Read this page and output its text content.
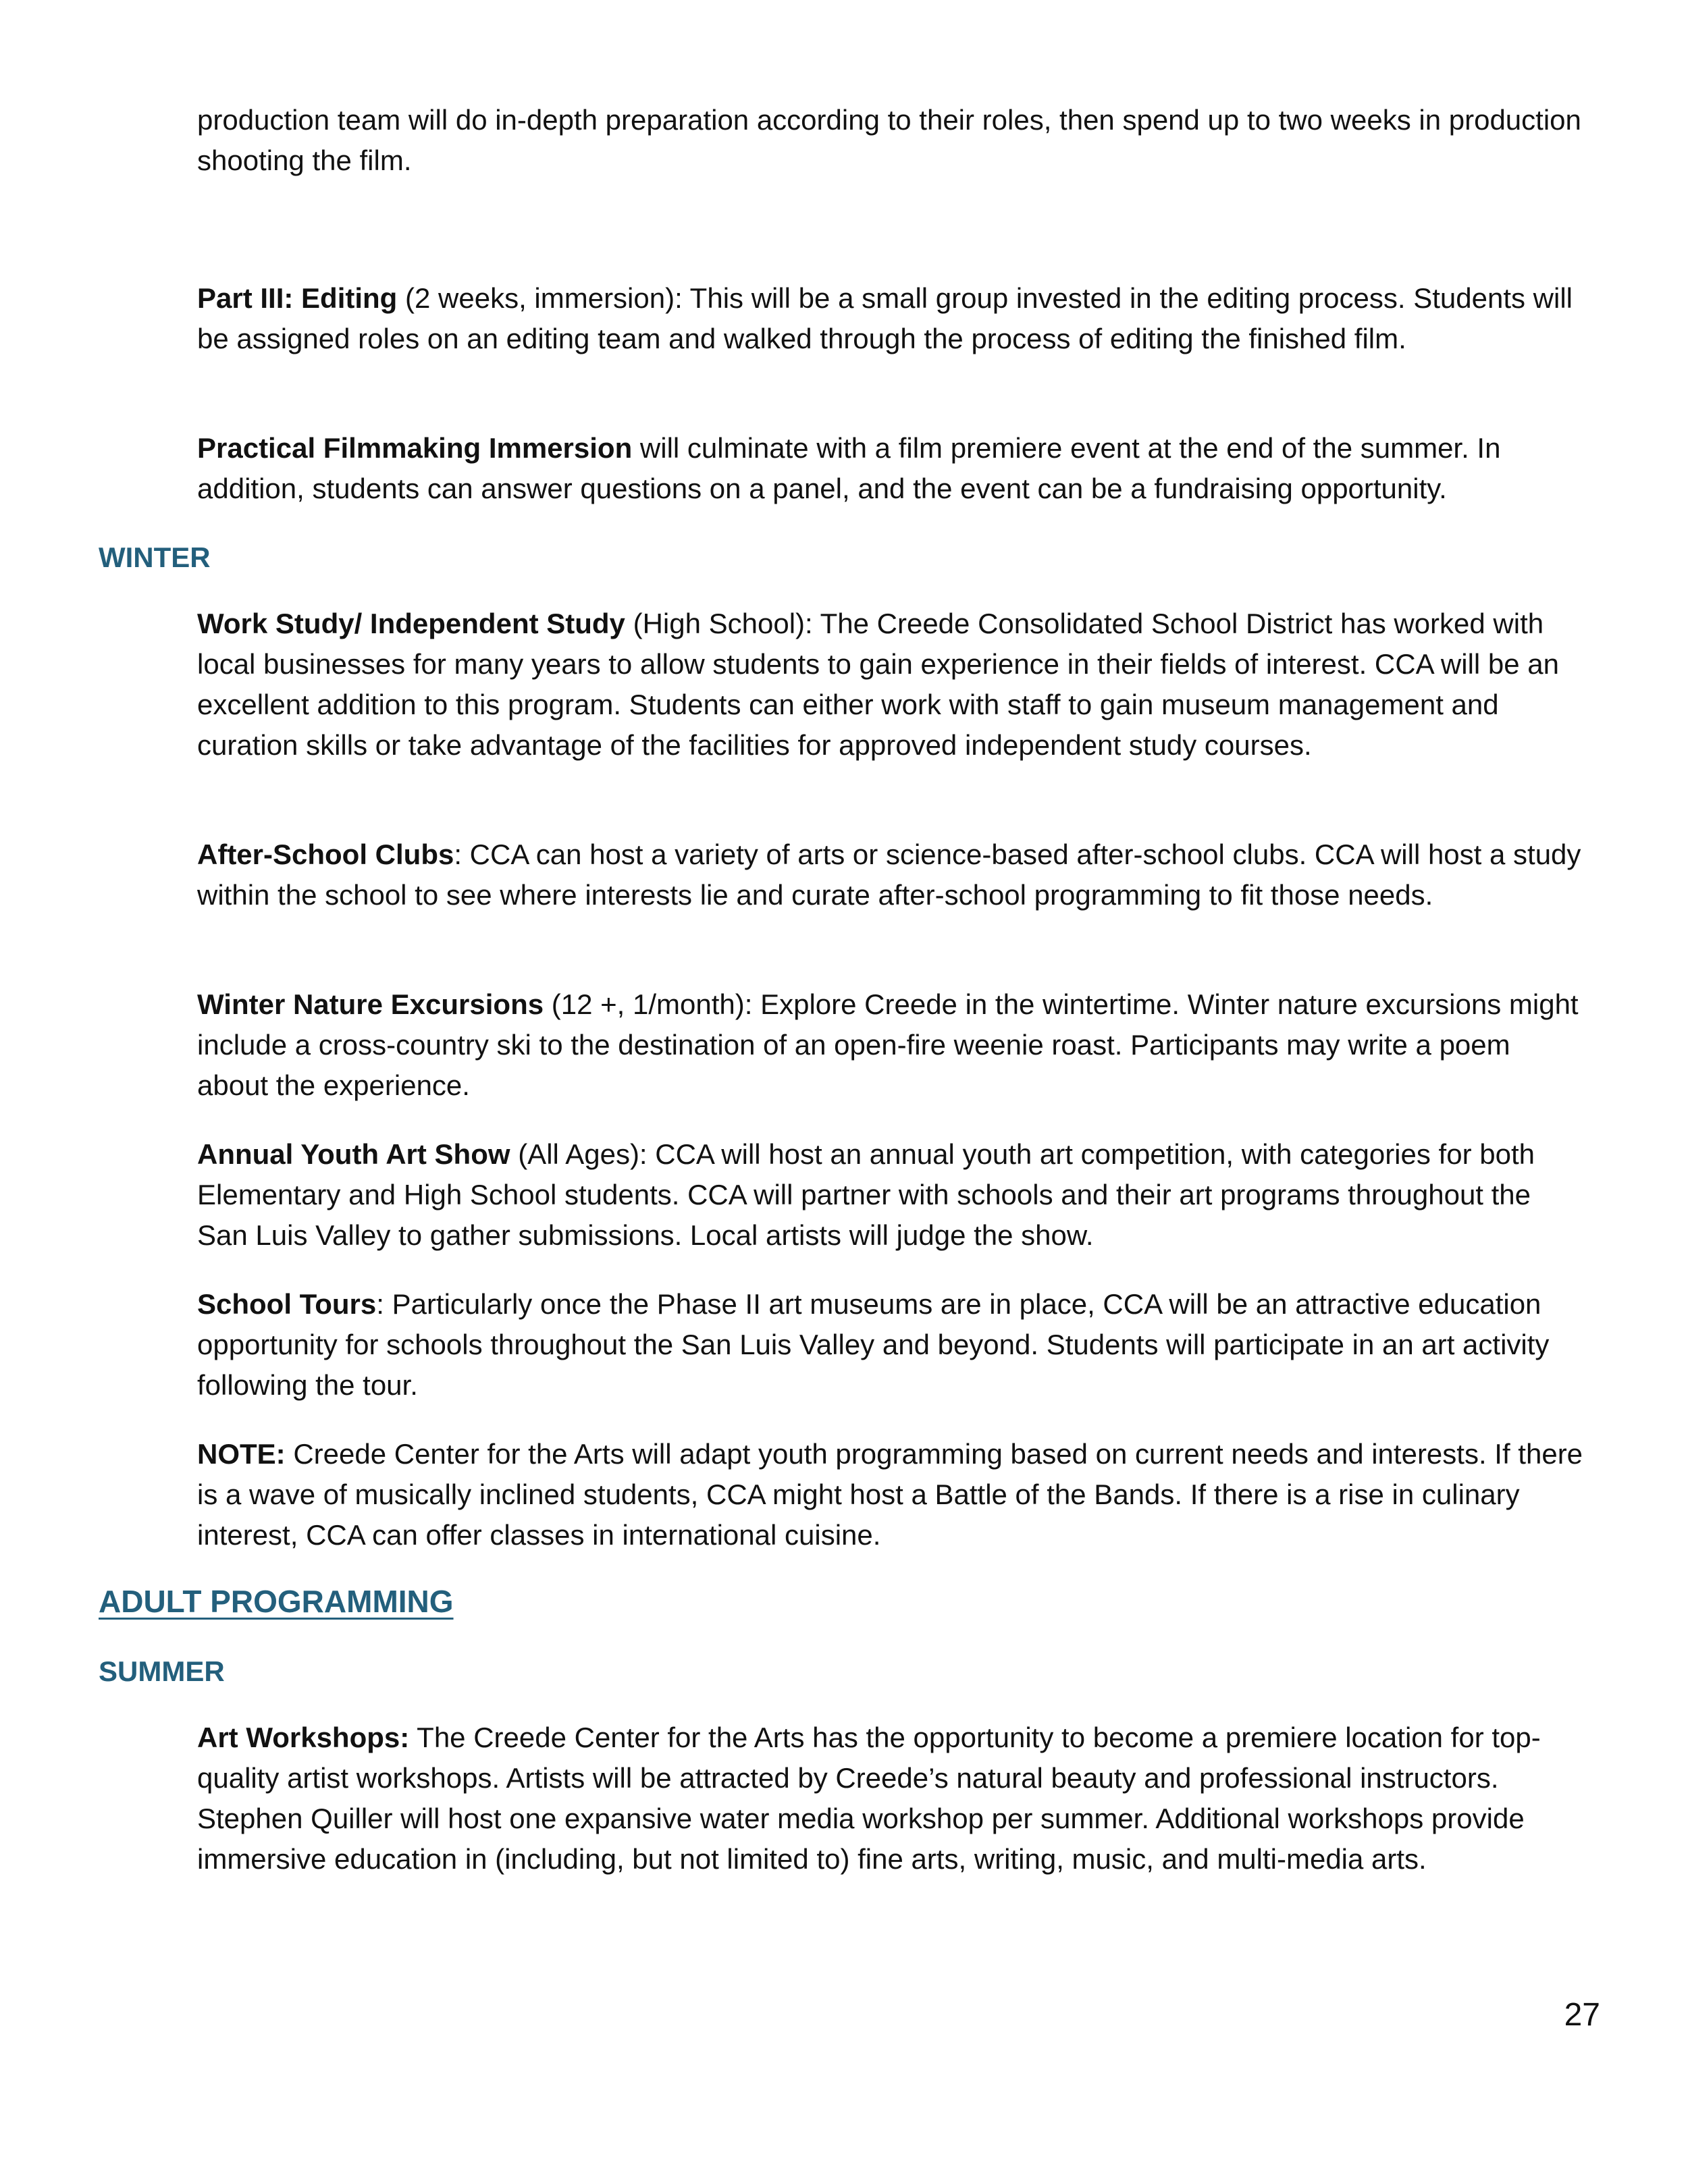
production team will do in-depth preparation according to their roles, then spend up to two weeks in production shooting the film.

Part III: Editing (2 weeks, immersion): This will be a small group invested in the editing process. Students will be assigned roles on an editing team and walked through the process of editing the finished film.

Practical Filmmaking Immersion will culminate with a film premiere event at the end of the summer. In addition, students can answer questions on a panel, and the event can be a fundraising opportunity.

WINTER

Work Study/ Independent Study (High School): The Creede Consolidated School District has worked with local businesses for many years to allow students to gain experience in their fields of interest. CCA will be an excellent addition to this program. Students can either work with staff to gain museum management and curation skills or take advantage of the facilities for approved independent study courses.

After-School Clubs: CCA can host a variety of arts or science-based after-school clubs. CCA will host a study within the school to see where interests lie and curate after-school programming to fit those needs.

Winter Nature Excursions (12 +, 1/month): Explore Creede in the wintertime. Winter nature excursions might include a cross-country ski to the destination of an open-fire weenie roast. Participants may write a poem about the experience.

Annual Youth Art Show (All Ages): CCA will host an annual youth art competition, with categories for both Elementary and High School students. CCA will partner with schools and their art programs throughout the San Luis Valley to gather submissions. Local artists will judge the show.

School Tours: Particularly once the Phase II art museums are in place, CCA will be an attractive education opportunity for schools throughout the San Luis Valley and beyond. Students will participate in an art activity following the tour.

NOTE: Creede Center for the Arts will adapt youth programming based on current needs and interests. If there is a wave of musically inclined students, CCA might host a Battle of the Bands. If there is a rise in culinary interest, CCA can offer classes in international cuisine.

ADULT PROGRAMMING
SUMMER

Art Workshops: The Creede Center for the Arts has the opportunity to become a premiere location for top-quality artist workshops. Artists will be attracted by Creede’s natural beauty and professional instructors. Stephen Quiller will host one expansive water media workshop per summer. Additional workshops provide immersive education in (including, but not limited to) fine arts, writing, music, and multi-media arts.

27
